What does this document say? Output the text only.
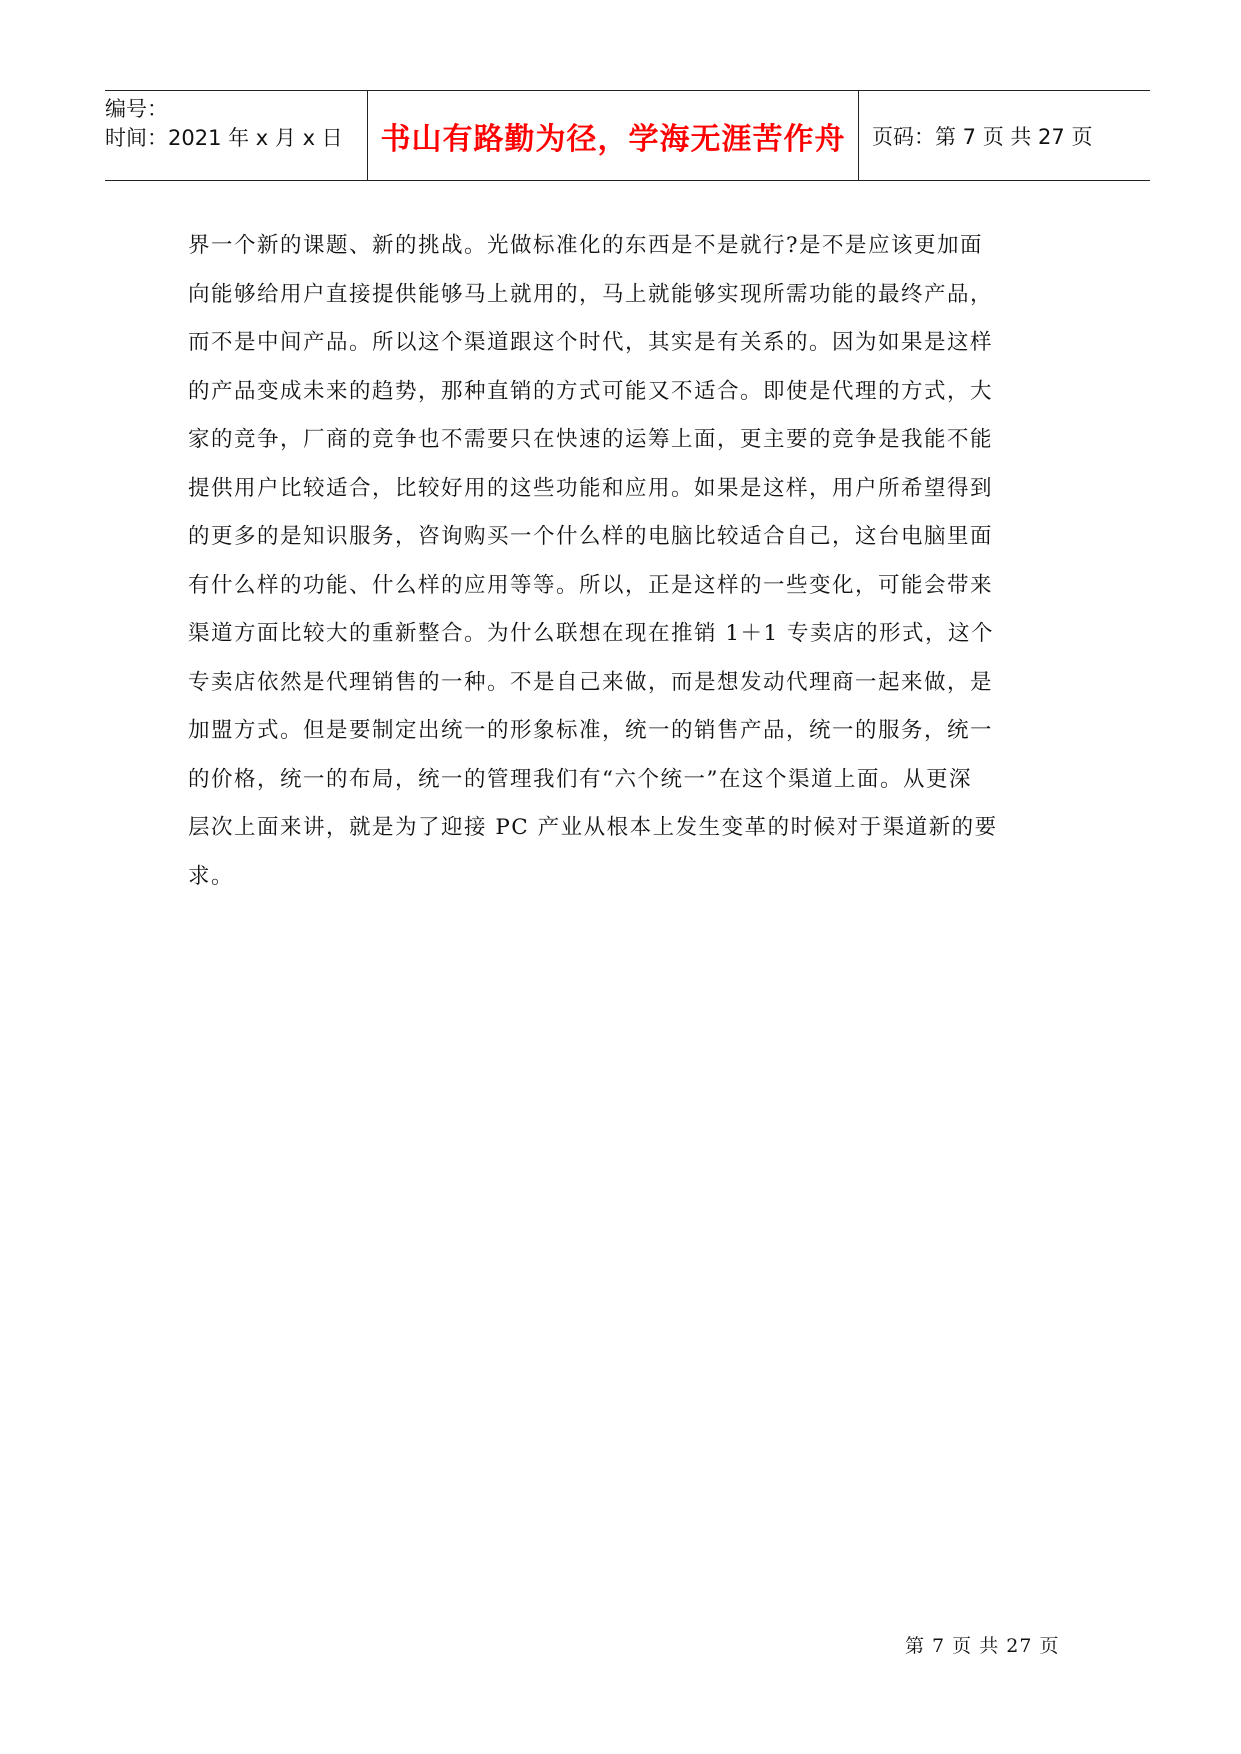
编号：
时间：2021 年 x 月 x 日	书山有路勤为径，学海无涯苦作舟	页码：第 7 页 共 27 页
界一个新的课题、新的挑战。光做标准化的东西是不是就行?是不是应该更加面
向能够给用户直接提供能够马上就用的，马上就能够实现所需功能的最终产品，
而不是中间产品。所以这个渠道跟这个时代，其实是有关系的。因为如果是这样
的产品变成未来的趋势，那种直销的方式可能又不适合。即使是代理的方式，大
家的竞争，厂商的竞争也不需要只在快速的运筹上面，更主要的竞争是我能不能
提供用户比较适合，比较好用的这些功能和应用。如果是这样，用户所希望得到
的更多的是知识服务，咨询购买一个什么样的电脑比较适合自己，这台电脑里面
有什么样的功能、什么样的应用等等。所以，正是这样的一些变化，可能会带来
渠道方面比较大的重新整合。为什么联想在现在推销 1＋1 专卖店的形式，这个
专卖店依然是代理销售的一种。不是自己来做，而是想发动代理商一起来做，是
加盟方式。但是要制定出统一的形象标准，统一的销售产品，统一的服务，统一
的价格，统一的布局，统一的管理我们有“六个统一”在这个渠道上面。从更深
层次上面来讲，就是为了迎接 PC 产业从根本上发生变革的时候对于渠道新的要
求。
第 7 页 共 27 页
